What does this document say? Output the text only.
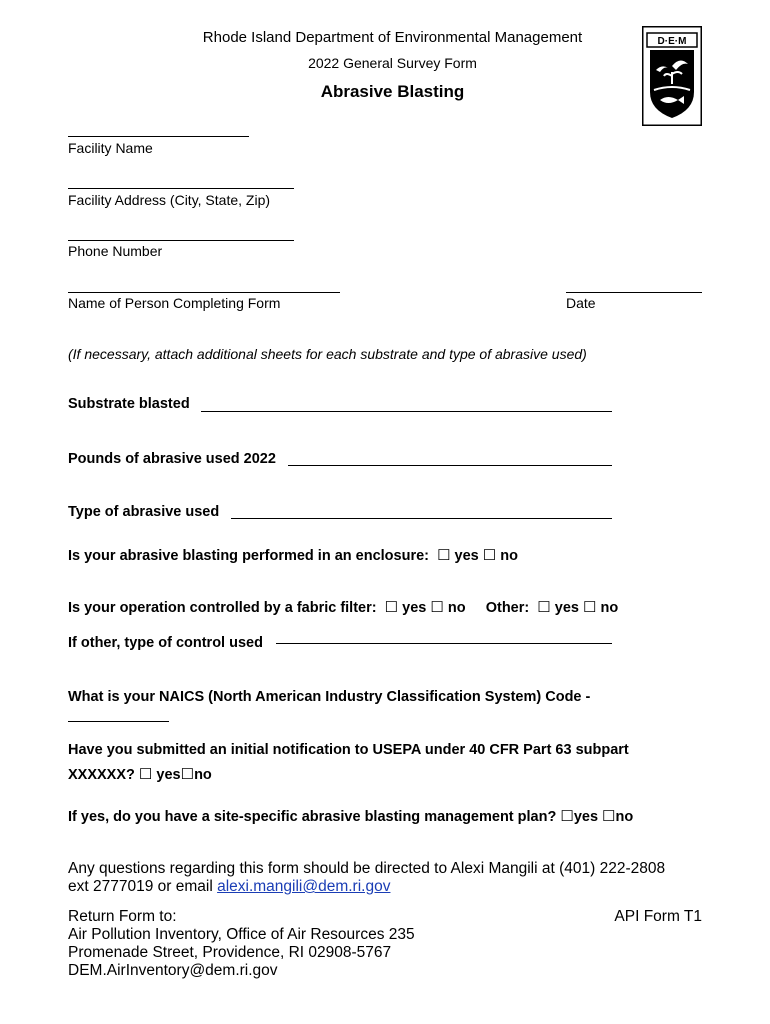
Rhode Island Department of Environmental Management
2022 General Survey Form
Abrasive Blasting
D·E·M
Facility Name
Facility Address (City, State, Zip)
Phone Number
Name of Person Completing Form	Date
(If necessary, attach additional sheets for each substrate and type of abrasive used)
Substrate blasted
Pounds of abrasive used 2022
Type of abrasive used
Is your abrasive blasting performed in an enclosure: ☐ yes ☐ no
Is your operation controlled by a fabric filter: ☐ yes ☐ no Other: ☐ yes ☐ no
If other, type of control used
What is your NAICS (North American Industry Classification System) Code -
Have you submitted an initial notification to USEPA under 40 CFR Part 63 subpart
XXXXXX? ☐ yes☐no
If yes, do you have a site-specific abrasive blasting management plan? ☐yes ☐no
Any questions regarding this form should be directed to Alexi Mangili at (401) 222-2808
ext 2777019 or email alexi.mangili@dem.ri.gov
Return Form to:
Air Pollution Inventory, Office of Air Resources 235
Promenade Street, Providence, RI 02908-5767
DEM.AirInventory@dem.ri.gov
API Form T1
